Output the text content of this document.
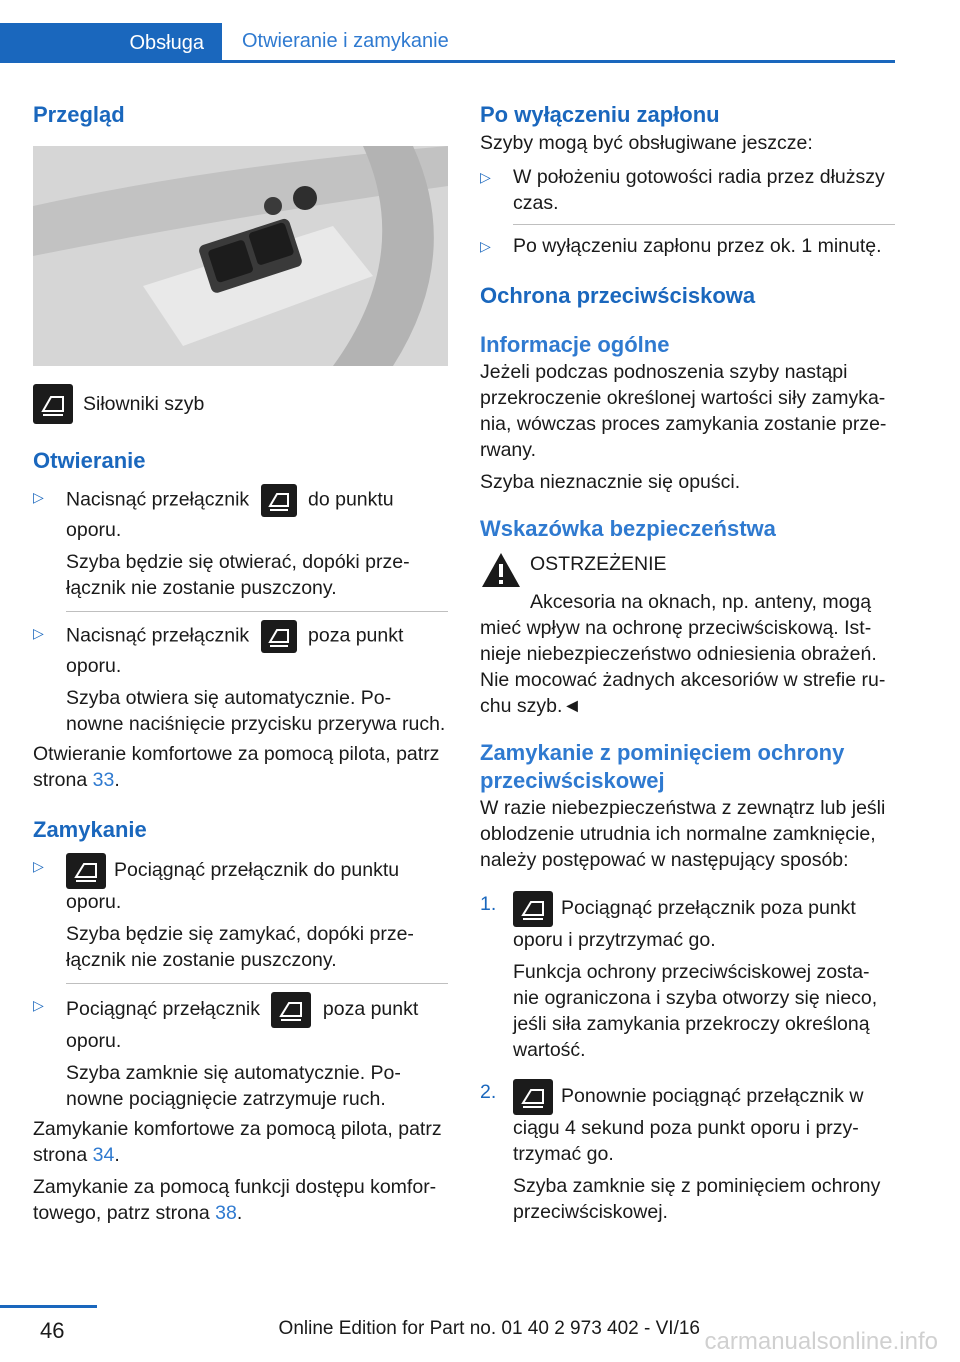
Obsługa	Otwieranie i zamykanie
Przegląd
Siłowniki szyb
Otwieranie
▷	Nacisnąć przełącznik	do punktu oporu.

Szyba będzie się otwierać, dopóki prze-łącznik nie zostanie puszczony.

▷	Nacisnąć przełącznik	poza punkt oporu.

Szyba otwiera się automatycznie. Po-nowne naciśnięcie przycisku przerywa ruch.

Otwieranie komfortowe za pomocą pilota, patrz strona 33.

Zamykanie
▷	Pociągnąć przełącznik do punktu oporu.

Szyba będzie się zamykać, dopóki prze-łącznik nie zostanie puszczony.

▷	Pociągnąć przełącznik	poza punkt oporu.

Szyba zamknie się automatycznie. Po-nowne pociągnięcie zatrzymuje ruch.

Zamykanie komfortowe za pomocą pilota, patrz strona 34.

Zamykanie za pomocą funkcji dostępu komfor-towego, patrz strona 38.

Po wyłączeniu zapłonu

Szyby mogą być obsługiwane jeszcze:

▷	W położeniu gotowości radia przez dłuższy czas.

▷	Po wyłączeniu zapłonu przez ok. 1 minutę.

Ochrona przeciwściskowa
Informacje ogólne

Jeżeli podczas podnoszenia szyby nastąpi przekroczenie określonej wartości siły zamyka-nia, wówczas proces zamykania zostanie prze-rwany.

Szyba nieznacznie się opuści.

Wskazówka bezpieczeństwa

OSTRZEŻENIE

Akcesoria na oknach, np. anteny, mogą mieć wpływ na ochronę przeciwściskową. Ist-nieje niebezpieczeństwo odniesienia obrażeń. Nie mocować żadnych akcesoriów w strefie ru-chu szyb.◄

Zamykanie z pominięciem ochrony przeciwściskowej

W razie niebezpieczeństwa z zewnątrz lub jeśli oblodzenie utrudnia ich normalne zamknięcie, należy postępować w następujący sposób:

1.	Pociągnąć przełącznik poza punkt oporu i przytrzymać go.

Funkcja ochrony przeciwściskowej zosta-nie ograniczona i szyba otworzy się nieco, jeśli siła zamykania przekroczy określoną wartość.

2.	Ponownie pociągnąć przełącznik w ciągu 4 sekund poza punkt oporu i przy-trzymać go.

Szyba zamknie się z pominięciem ochrony przeciwściskowej.

46	Online Edition for Part no. 01 40 2 973 402 - VI/16 carmanualsonline.info
